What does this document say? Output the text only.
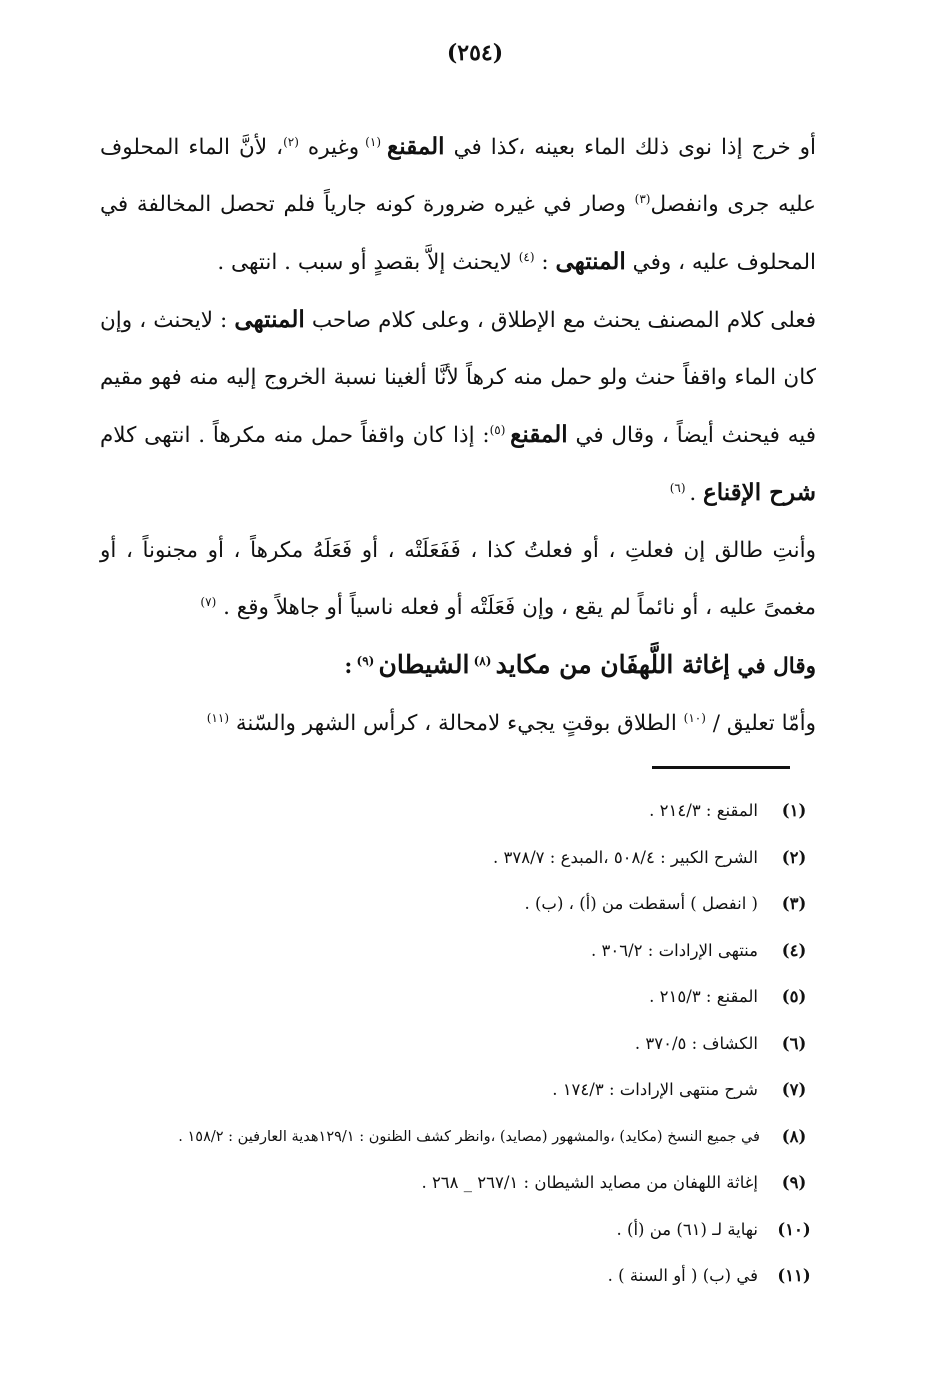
(٢٥٤)

أو خرج إذا نوى ذلك الماء بعينه ،كذا في المقنع $^{(١)}$ وغيره $^{(٢)}$، لأنَّ الماء المحلوف عليه جرى وانفصل$^{(٣)}$ وصار في غيره ضرورة كونه جارياً فلم تحصل المخالفة في المحلوف عليه ، وفي المنتهى : $^{(٤)}$ لايحنث إلاَّ بقصدٍ أو سبب . انتهى .

فعلى كلام المصنف يحنث مع الإطلاق ، وعلى كلام صاحب المنتهى : لايحنث ، وإن كان الماء واقفاً حنث ولو حمل منه كرهاً لأنَّا ألغينا نسبة الخروج إليه منه فهو مقيم فيه فيحنث أيضاً ، وقال في المقنع $^{(٥)}$: إذا كان واقفاً حمل منه مكرهاً . انتهى كلام شرح الإقناع . $^{(٦)}$

وأنتِ طالق إن فعلتِ ، أو فعلتُ كذا ، فَفَعَلَتْه ، أو فَعَلَهُ مكرهاً ، أو مجنوناً ، أو مغمىً عليه ، أو نائماً لم يقع ، وإن فَعَلَتْه أو فعله ناسياً أو جاهلاً وقع . $^{(٧)}$

وقال في إغاثة اللَّهفَان من مكايد $^{(٨)}$ الشيطان $^{(٩)}$ :

وأمّا تعليق / $^{(١٠)}$ الطلاق بوقتٍ يجيء لامحالة ، كرأس الشهر والسّنة $^{(١١)}$

(١)
المقنع : ٢١٤/٣ .
(٢)
الشرح الكبير : ٥٠٨/٤ ،المبدع : ٣٧٨/٧ .
(٣)
( انفصل ) أسقطت من (أ) ، (ب) .
(٤)
منتهى الإرادات : ٣٠٦/٢ .
(٥)
المقنع : ٢١٥/٣ .
(٦)
الكشاف : ٣٧٠/٥ .
(٧)
شرح منتهى الإرادات : ١٧٤/٣ .
(٨)
في جميع النسخ (مكايد) ،والمشهور (مصايد) ،وانظر كشف الظنون : ١٢٩/١هدية العارفين : ١٥٨/٢ .
(٩)
إغاثة اللهفان من مصايد الشيطان : ٢٦٧/١ _ ٢٦٨ .
(١٠)
نهاية لـ (٦١) من (أ) .
(١١)
في (ب) ( أو السنة ) .
